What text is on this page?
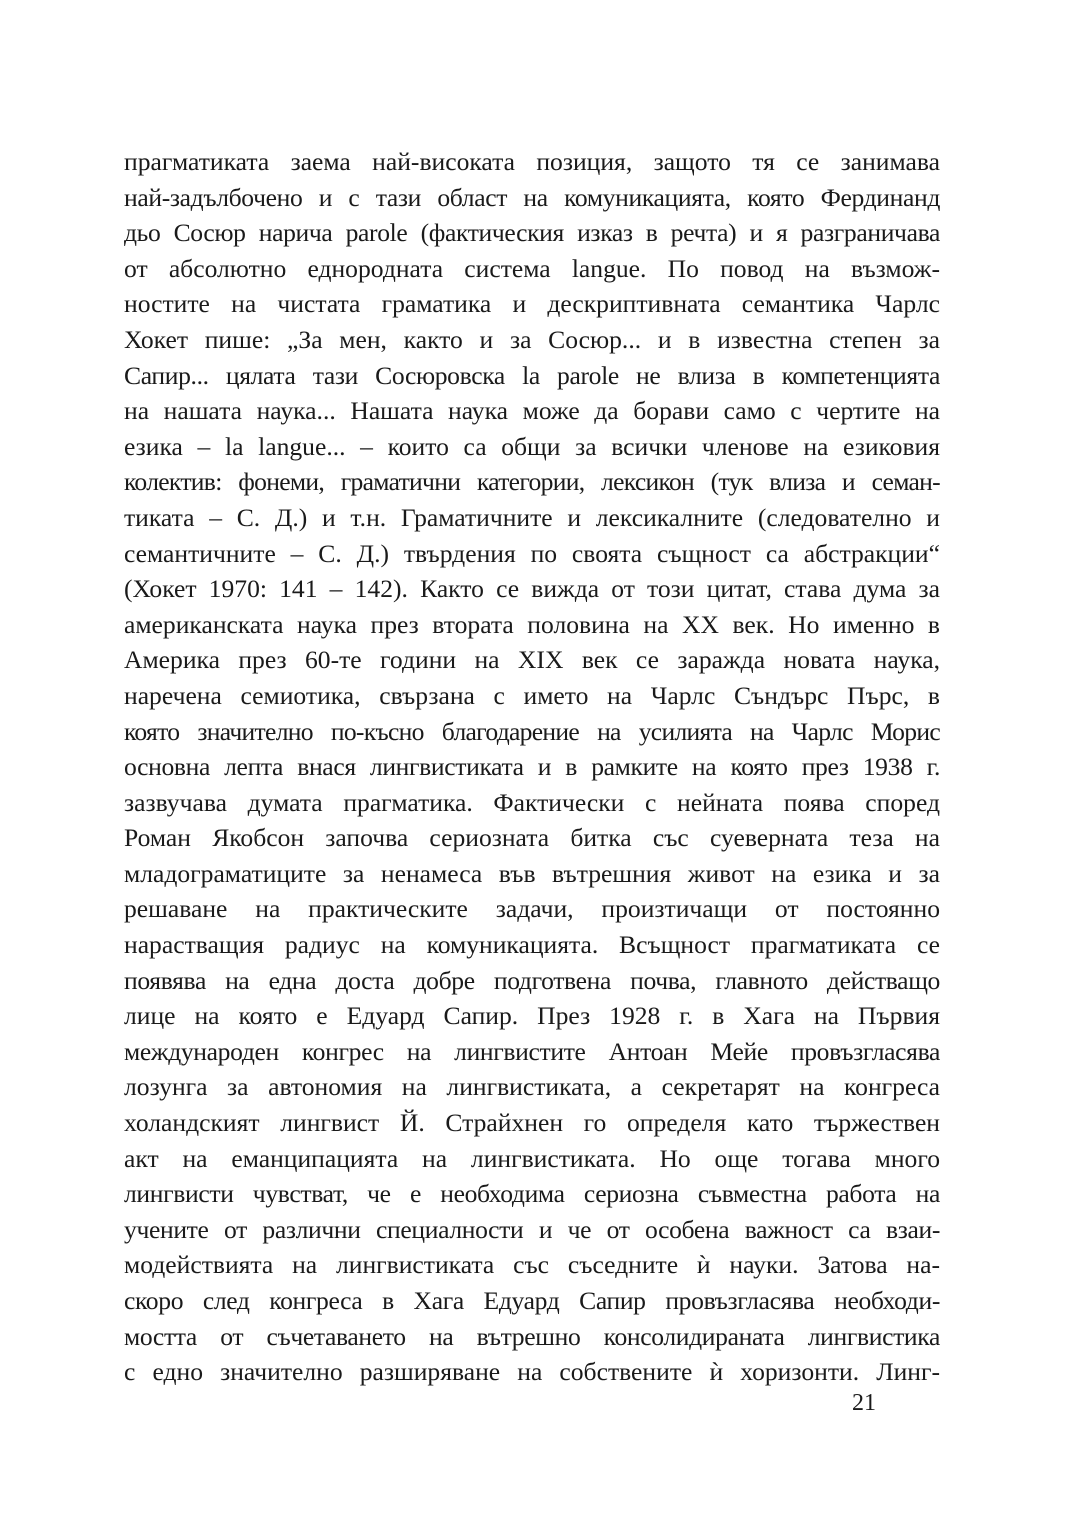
прагматиката заема най-високата позиция, защото тя се занимава
най-задълбочено и с тази област на комуникацията, която Фердинанд
дьо Сосюр нарича parole (фактическия изказ в речта) и я разграничава
от абсолютно еднородната система langue. По повод на възмож-
ностите на чистата граматика и дескриптивната семантика Чарлс
Хокет пише: „За мен, както и за Сосюр... и в известна степен за
Сапир... цялата тази Сосюровска la parole не влиза в компетенцията
на нашата наука... Нашата наука може да борави само с чертите на
езика – la langue... – които са общи за всички членове на езиковия
колектив: фонеми, граматични категории, лексикон (тук влиза и семан-
тиката – С. Д.) и т.н. Граматичните и лексикалните (следователно и
семантичните – С. Д.) твърдения по своята същност са абстракции“
(Хокет 1970: 141 – 142). Както се вижда от този цитат, става дума за
американската наука през втората половина на XX век. Но именно в
Америка през 60-те години на XIX век се заражда новата наука,
наречена семиотика, свързана с името на Чарлс Съндърс Пърс, в
която значително по-късно благодарение на усилията на Чарлс Морис
основна лепта внася лингвистиката и в рамките на която през 1938 г.
зазвучава думата прагматика. Фактически с нейната поява според
Роман Якобсон започва сериозната битка със суеверната теза на
младограматиците за ненамеса във вътрешния живот на езика и за
решаване на практическите задачи, произтичащи от постоянно
нарастващия радиус на комуникацията. Всъщност прагматиката се
появява на една доста добре подготвена почва, главното действащо
лице на която е Едуард Сапир. През 1928 г. в Хага на Първия
международен конгрес на лингвистите Антоан Мейе провъзгласява
лозунга за автономия на лингвистиката, а секретарят на конгреса
холандският лингвист Й. Страйхнен го определя като тържествен
акт на еманципацията на лингвистиката. Но още тогава много
лингвисти чувстват, че е необходима сериозна съвместна работа на
учените от различни специалности и че от особена важност са взаи-
модействията на лингвистиката със съседните ѝ науки. Затова на-
скоро след конгреса в Хага Едуард Сапир провъзгласява необходи-
мостта от съчетаването на вътрешно консолидираната лингвистика
с едно значително разширяване на собствените ѝ хоризонти. Линг-
21
